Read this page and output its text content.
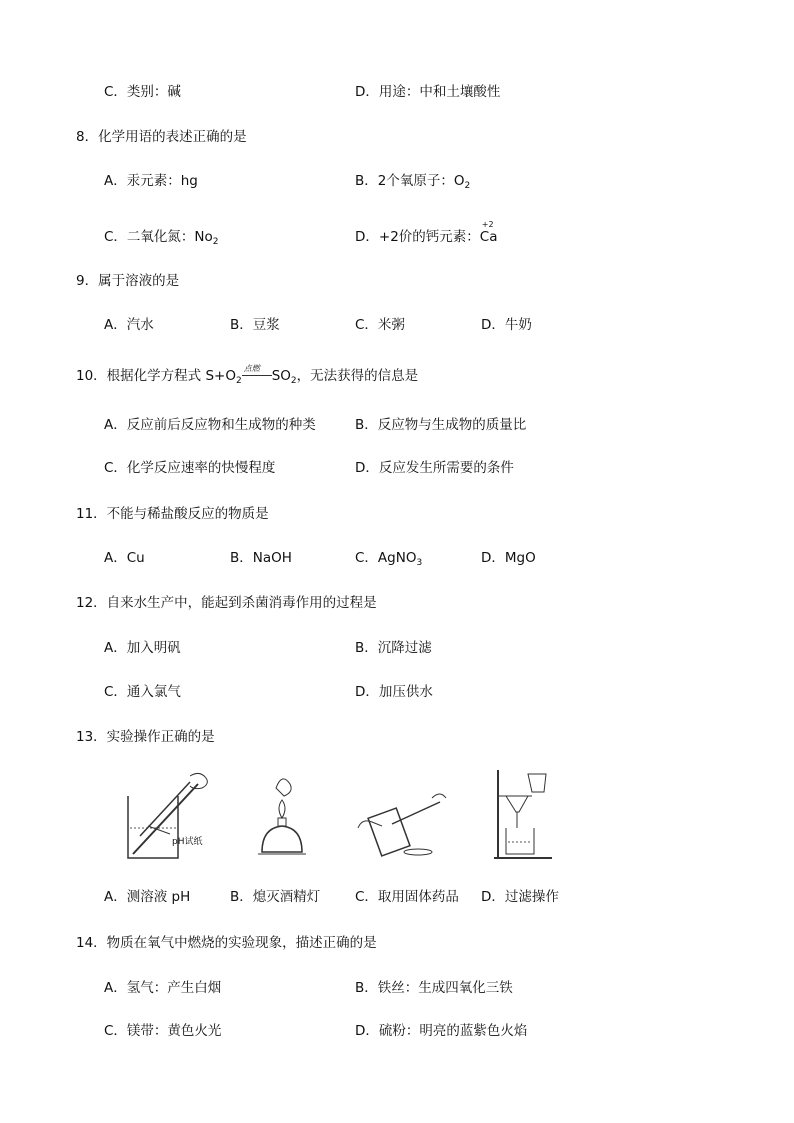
C．类别：碱	D．用途：中和土壤酸性
8．化学用语的表述正确的是
A．汞元素：hg	B．2个氧原子：$O_2$
C．二氧化氮：$No_2$	D．+2价的钙元素：
+2
Ca
9．属于溶液的是
A．汽水	B．豆浆	C．米粥	D．牛奶
10．根据化学方程式 $S+O_2$
点燃 $SO_2$，无法获得的信息是
A．反应前后反应物和生成物的种类	B．反应物与生成物的质量比
C．化学反应速率的快慢程度	D．反应发生所需要的条件
11．不能与稀盐酸反应的物质是
A．Cu	B．NaOH	C．AgNO$_3$	D．MgO
12．自来水生产中，能起到杀菌消毒作用的过程是
A．加入明矾	B．沉降过滤
C．通入氯气	D．加压供水
13．实验操作正确的是
pH试纸
A．测溶液 pH	B．熄灭酒精灯	C．取用固体药品 D．过滤操作
14．物质在氧气中燃烧的实验现象，描述正确的是
A．氢气：产生白烟	B．铁丝：生成四氧化三铁
C．镁带：黄色火光	D．硫粉：明亮的蓝紫色火焰
